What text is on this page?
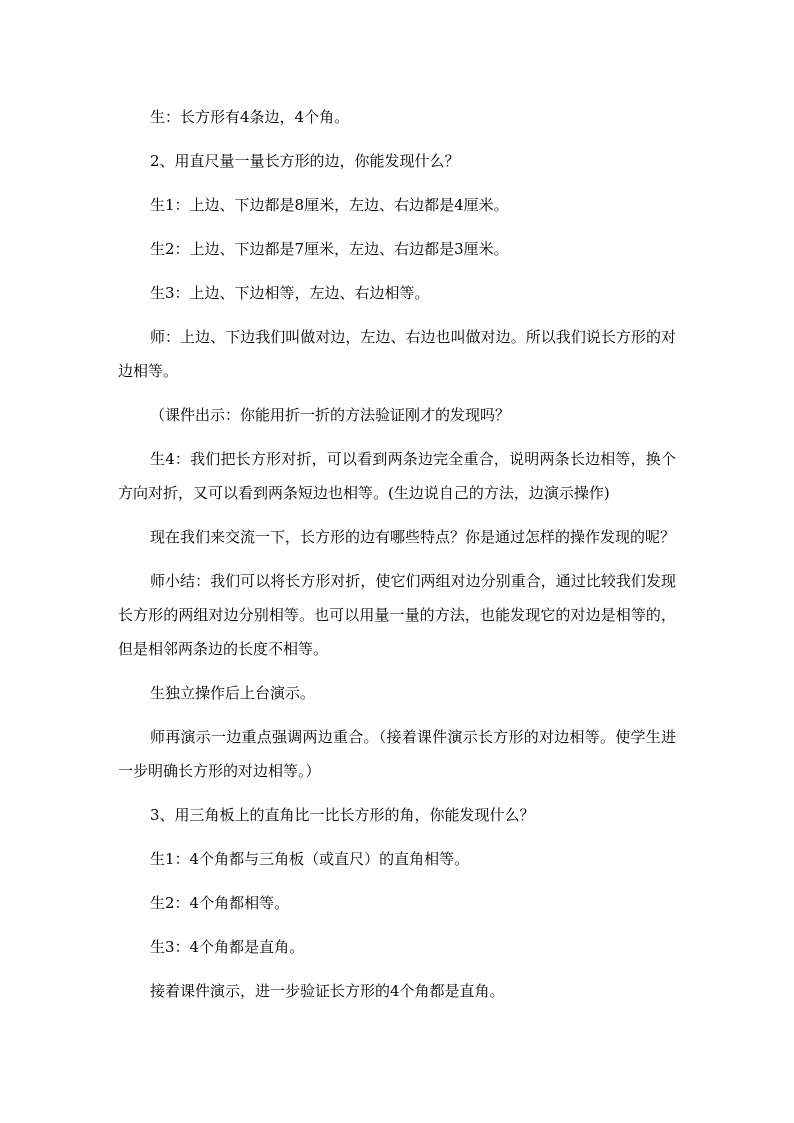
生：长方形有4条边，4个角。

2、用直尺量一量长方形的边，你能发现什么？

生1：上边、下边都是8厘米，左边、右边都是4厘米。

生2：上边、下边都是7厘米，左边、右边都是3厘米。

生3：上边、下边相等，左边、右边相等。

师：上边、下边我们叫做对边，左边、右边也叫做对边。所以我们说长方形的对边相等。

（课件出示：你能用折一折的方法验证刚才的发现吗？

生4：我们把长方形对折，可以看到两条边完全重合，说明两条长边相等，换个方向对折，又可以看到两条短边也相等。(生边说自己的方法，边演示操作)

现在我们来交流一下，长方形的边有哪些特点？你是通过怎样的操作发现的呢？

师小结：我们可以将长方形对折，使它们两组对边分别重合，通过比较我们发现长方形的两组对边分别相等。也可以用量一量的方法，也能发现它的对边是相等的，但是相邻两条边的长度不相等。

生独立操作后上台演示。

师再演示一边重点强调两边重合。（接着课件演示长方形的对边相等。使学生进一步明确长方形的对边相等。）

3、用三角板上的直角比一比长方形的角，你能发现什么？

生1：4个角都与三角板（或直尺）的直角相等。

生2：4个角都相等。

生3：4个角都是直角。

接着课件演示，进一步验证长方形的4个角都是直角。
